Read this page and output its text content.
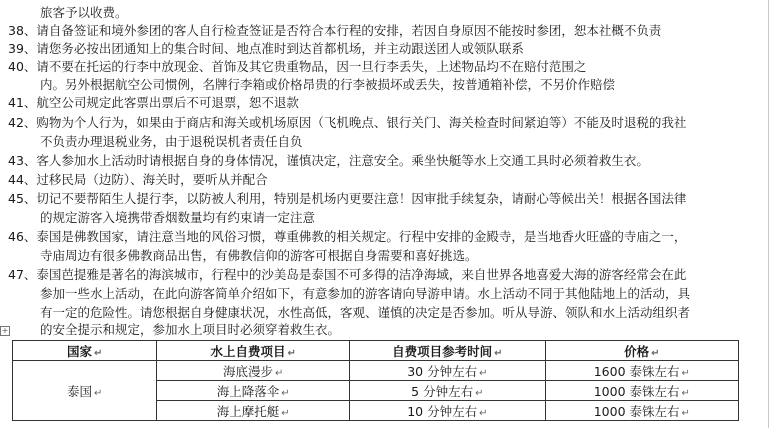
旅客予以收费。
38、请自备签证和境外参团的客人自行检查签证是否符合本行程的安排，若因自身原因不能按时参团，恕本社概不负责
39、请您务必按出团通知上的集合时间、地点准时到达首都机场，并主动跟送团人或领队联系
40、请不要在托运的行李中放现金、首饰及其它贵重物品，因一旦行李丢失，上述物品均不在赔付范围之
内。另外根据航空公司惯例，名牌行李箱或价格昂贵的行李被损坏或丢失，按普通箱补偿，不另价作赔偿
41、航空公司规定此客票出票后不可退票，恕不退款
42、购物为个人行为，如果由于商店和海关或机场原因（飞机晚点、银行关门、海关检查时间紧迫等）不能及时退税的我社
不负责办理退税业务，由于退税误机者责任自负
43、客人参加水上活动时请根据自身的身体情况，谨慎决定，注意安全。乘坐快艇等水上交通工具时必须着救生衣。
44、过移民局（边防）、海关时，要听从并配合
45、切记不要帮陌生人提行李，以防被人利用，特别是机场内更要注意！因审批手续复杂，请耐心等候出关！根据各国法律
的规定游客入境携带香烟数量均有约束请一定注意
46、泰国是佛教国家，请注意当地的风俗习惯，尊重佛教的相关规定。行程中安排的金殿寺，是当地香火旺盛的寺庙之一，
寺庙周边有很多佛教商品出售，有佛教信仰的游客可根据自身需要和喜好挑选。
47、泰国芭提雅是著名的海滨城市，行程中的沙美岛是泰国不可多得的洁净海域，来自世界各地喜爱大海的游客经常会在此
参加一些水上活动，在此向游客简单介绍如下，有意参加的游客请向导游申请。水上活动不同于其他陆地上的活动，具
有一定的危险性。请您根据自身健康状况，水性高低，客观、谨慎的决定是否参加。听从导游、领队和水上活动组织者
的安全提示和规定，参加水上项目时必须穿着救生衣。
+
国家 ↵	水上自费项目 ↵	自费项目参考时间 ↵	价格 ↵
泰国 ↵	海底漫步 ↵	30 分钟左右 ↵	1600 泰铢左右 ↵
	海上降落伞 ↵	5 分钟左右 ↵	1000 泰铢左右 ↵
	海上摩托艇 ↵	10 分钟左右 ↵	1000 泰铢左右 ↵
